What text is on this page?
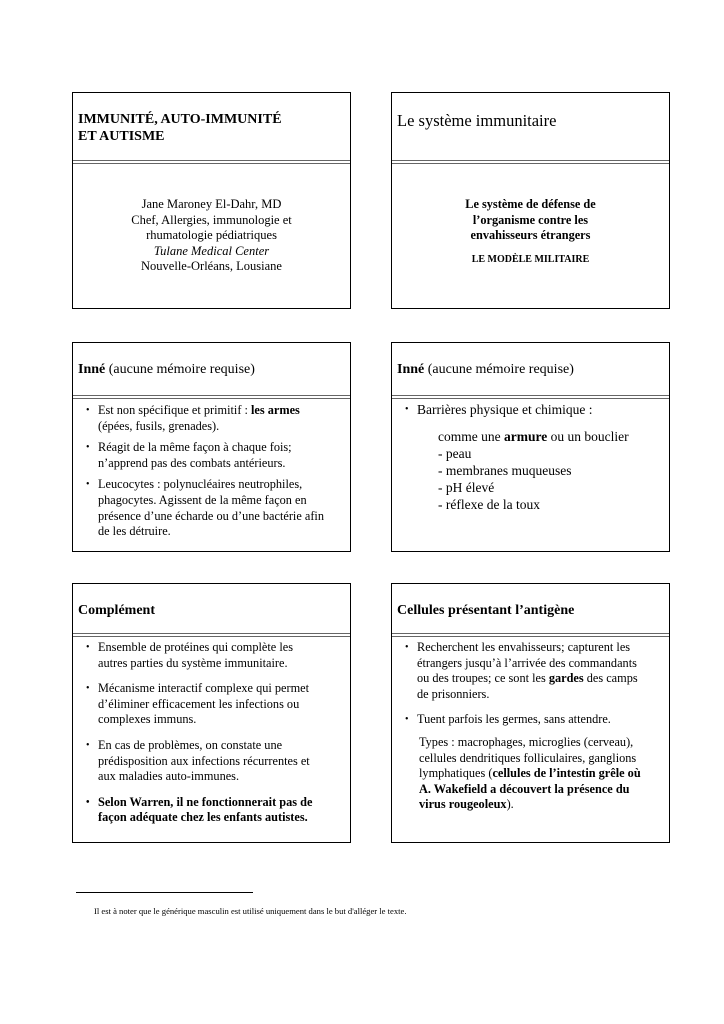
IMMUNITÉ, AUTO-IMMUNITÉ
ET AUTISME
Jane Maroney El-Dahr, MD
Chef, Allergies, immunologie et
rhumatologie pédiatriques
Tulane Medical Center
Nouvelle-Orléans, Lousiane
Le système immunitaire
Le système de défense de
l’organisme contre les
envahisseurs étrangers
LE MODÈLE MILITAIRE
Inné (aucune mémoire requise)
• Est non spécifique et primitif : les armes
(épées, fusils, grenades).
• Réagit de la même façon à chaque fois;
n’apprend pas des combats antérieurs.
• Leucocytes : polynucléaires neutrophiles,
phagocytes. Agissent de la même façon en
présence d’une écharde ou d’une bactérie afin
de les détruire.
Inné (aucune mémoire requise)
• Barrières physique et chimique :
comme une armure ou un bouclier
- peau
- membranes muqueuses
- pH élevé
- réflexe de la toux
Complément
• Ensemble de protéines qui complète les
autres parties du système immunitaire.
• Mécanisme interactif complexe qui permet
d’éliminer efficacement les infections ou
complexes immuns.
• En cas de problèmes, on constate une
prédisposition aux infections récurrentes et
aux maladies auto-immunes.
• Selon Warren, il ne fonctionnerait pas de
façon adéquate chez les enfants autistes.
Cellules présentant l’antigène
• Recherchent les envahisseurs; capturent les
étrangers jusqu’à l’arrivée des commandants
ou des troupes; ce sont les gardes des camps
de prisonniers.
• Tuent parfois les germes, sans attendre.
Types : macrophages, microglies (cerveau),
cellules dendritiques folliculaires, ganglions
lymphatiques (cellules de l’intestin grêle où
A. Wakefield a découvert la présence du
virus rougeoleux).
Il est à noter que le générique masculin est utilisé uniquement dans le but d'alléger le texte.
